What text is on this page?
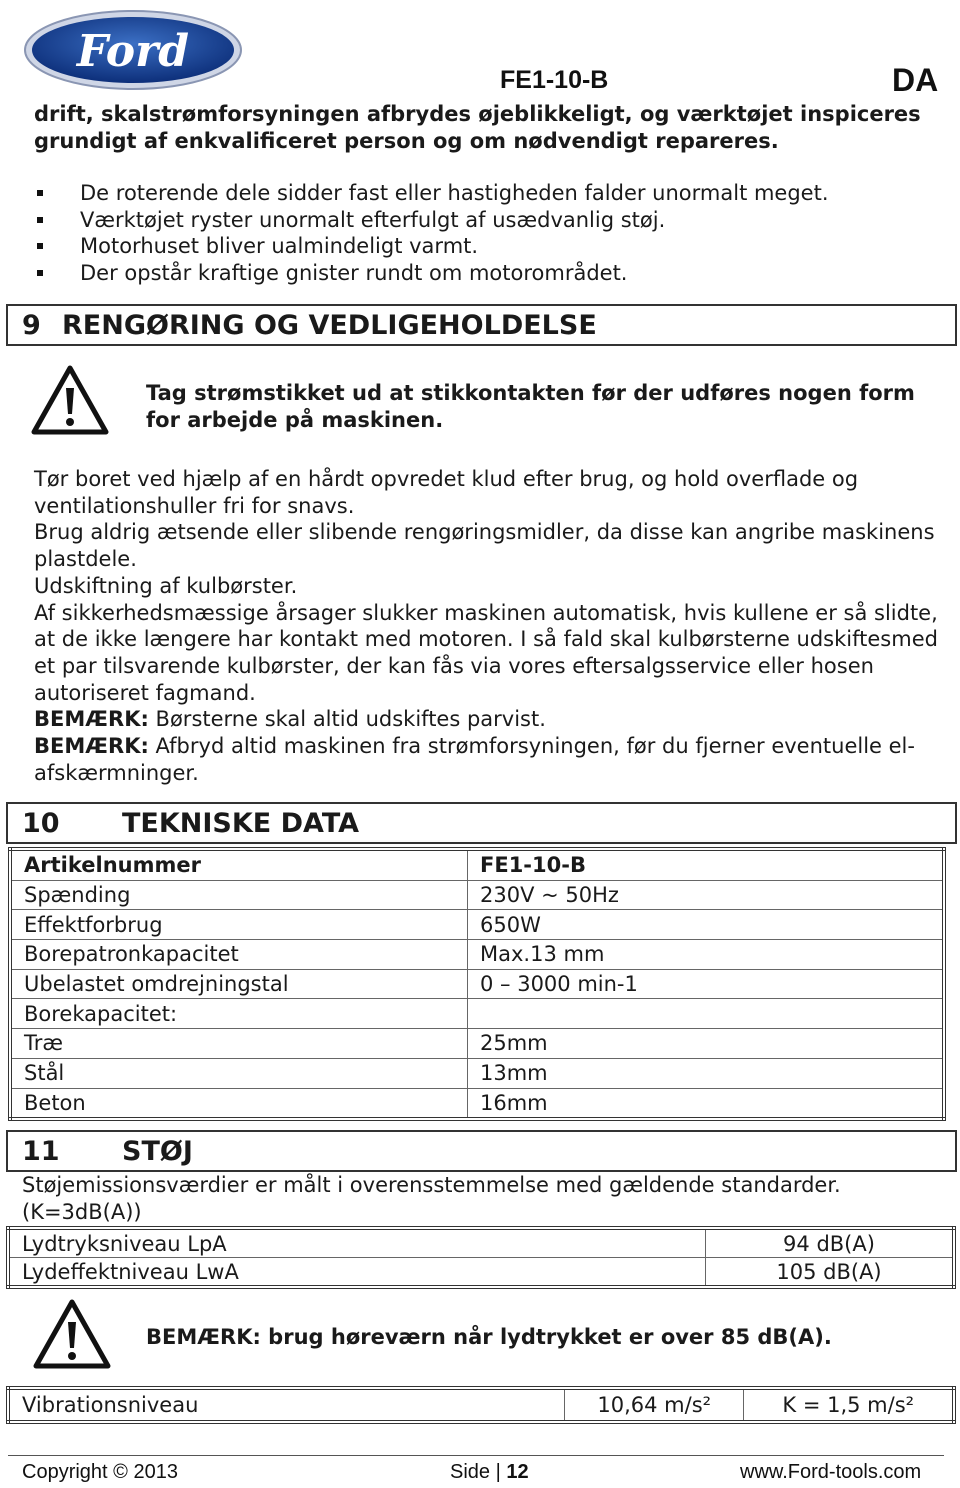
Ford
FE1-10-B	DA

drift, skalstrømforsyningen afbrydes øjeblikkeligt, og værktøjet inspiceres grundigt af enkvalificeret person og om nødvendigt repareres.

De roterende dele sidder fast eller hastigheden falder unormalt meget.
Værktøjet ryster unormalt efterfulgt af usædvanlig støj.
Motorhuset bliver ualmindeligt varmt.
Der opstår kraftige gnister rundt om motorområdet.
9 RENGØRING OG VEDLIGEHOLDELSE
Tag strømstikket ud at stikkontakten før der udføres nogen form for arbejde på maskinen.

Tør boret ved hjælp af en hårdt opvredet klud efter brug, og hold overflade og ventilationshuller fri for snavs.

Brug aldrig ætsende eller slibende rengøringsmidler, da disse kan angribe maskinens plastdele.

Udskiftning af kulbørster.

Af sikkerhedsmæssige årsager slukker maskinen automatisk, hvis kullene er så slidte, at de ikke længere har kontakt med motoren. I så fald skal kulbørsterne udskiftesmed et par tilsvarende kulbørster, der kan fås via vores eftersalgsservice eller hosen autoriseret fagmand.

BEMÆRK: Børsterne skal altid udskiftes parvist.

BEMÆRK: Afbryd altid maskinen fra strømforsyningen, før du fjerner eventuelle el-afskærmninger.

10 TEKNISKE DATA
Artikelnummer	FE1-10-B
Spænding	230V ~ 50Hz
Effektforbrug	650W
Borepatronkapacitet	Max.13 mm
Ubelastet omdrejningstal	0 – 3000 min-1
Borekapacitet:	
Træ	25mm
Stål	13mm
Beton	16mm
11 STØJ
Støjemissionsværdier er målt i overensstemmelse med gældende standarder. (K=3dB(A))
Lydtryksniveau LpA	94 dB(A)
Lydeffektniveau LwA	105 dB(A)
BEMÆRK: brug høreværn når lydtrykket er over 85 dB(A).
Vibrationsniveau	10,64 m/s²	K = 1,5 m/s²
Copyright © 2013	Side | 12	www.Ford-tools.com
